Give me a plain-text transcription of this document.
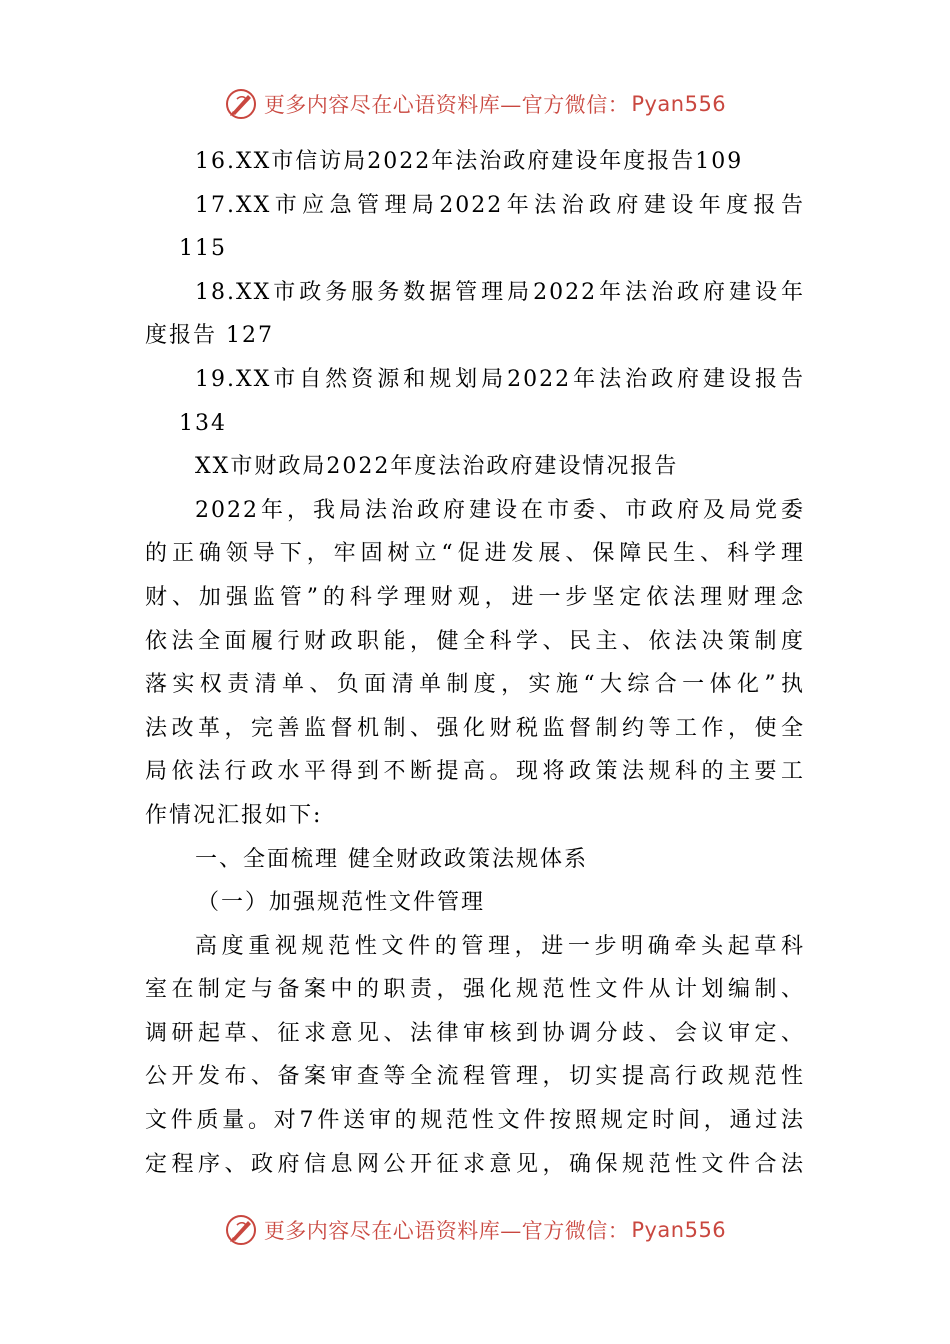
更多内容尽在心语资料库—官方微信： Pyan556
16.XX市信访局2022年法治政府建设年度报告109
17.XX市应急管理局2022年法治政府建设年度报告
115
18.XX市政务服务数据管理局2022年法治政府建设年
度报告 127
19.XX市自然资源和规划局2022年法治政府建设报告
134
XX市财政局2022年度法治政府建设情况报告
2022年，我局法治政府建设在市委、市政府及局党委
的正确领导下，牢固树立“促进发展、保障民生、科学理
财、加强监管”的科学理财观，进一步坚定依法理财理念
依法全面履行财政职能，健全科学、民主、依法决策制度
落实权责清单、负面清单制度，实施“大综合一体化”执
法改革，完善监督机制、强化财税监督制约等工作，使全
局依法行政水平得到不断提高。现将政策法规科的主要工
作情况汇报如下:
一、全面梳理 健全财政政策法规体系
（一）加强规范性文件管理
高度重视规范性文件的管理，进一步明确牵头起草科
室在制定与备案中的职责，强化规范性文件从计划编制、
调研起草、征求意见、法律审核到协调分歧、会议审定、
公开发布、备案审查等全流程管理，切实提高行政规范性
文件质量。对7件送审的规范性文件按照规定时间，通过法
定程序、政府信息网公开征求意见，确保规范性文件合法
更多内容尽在心语资料库—官方微信： Pyan556
